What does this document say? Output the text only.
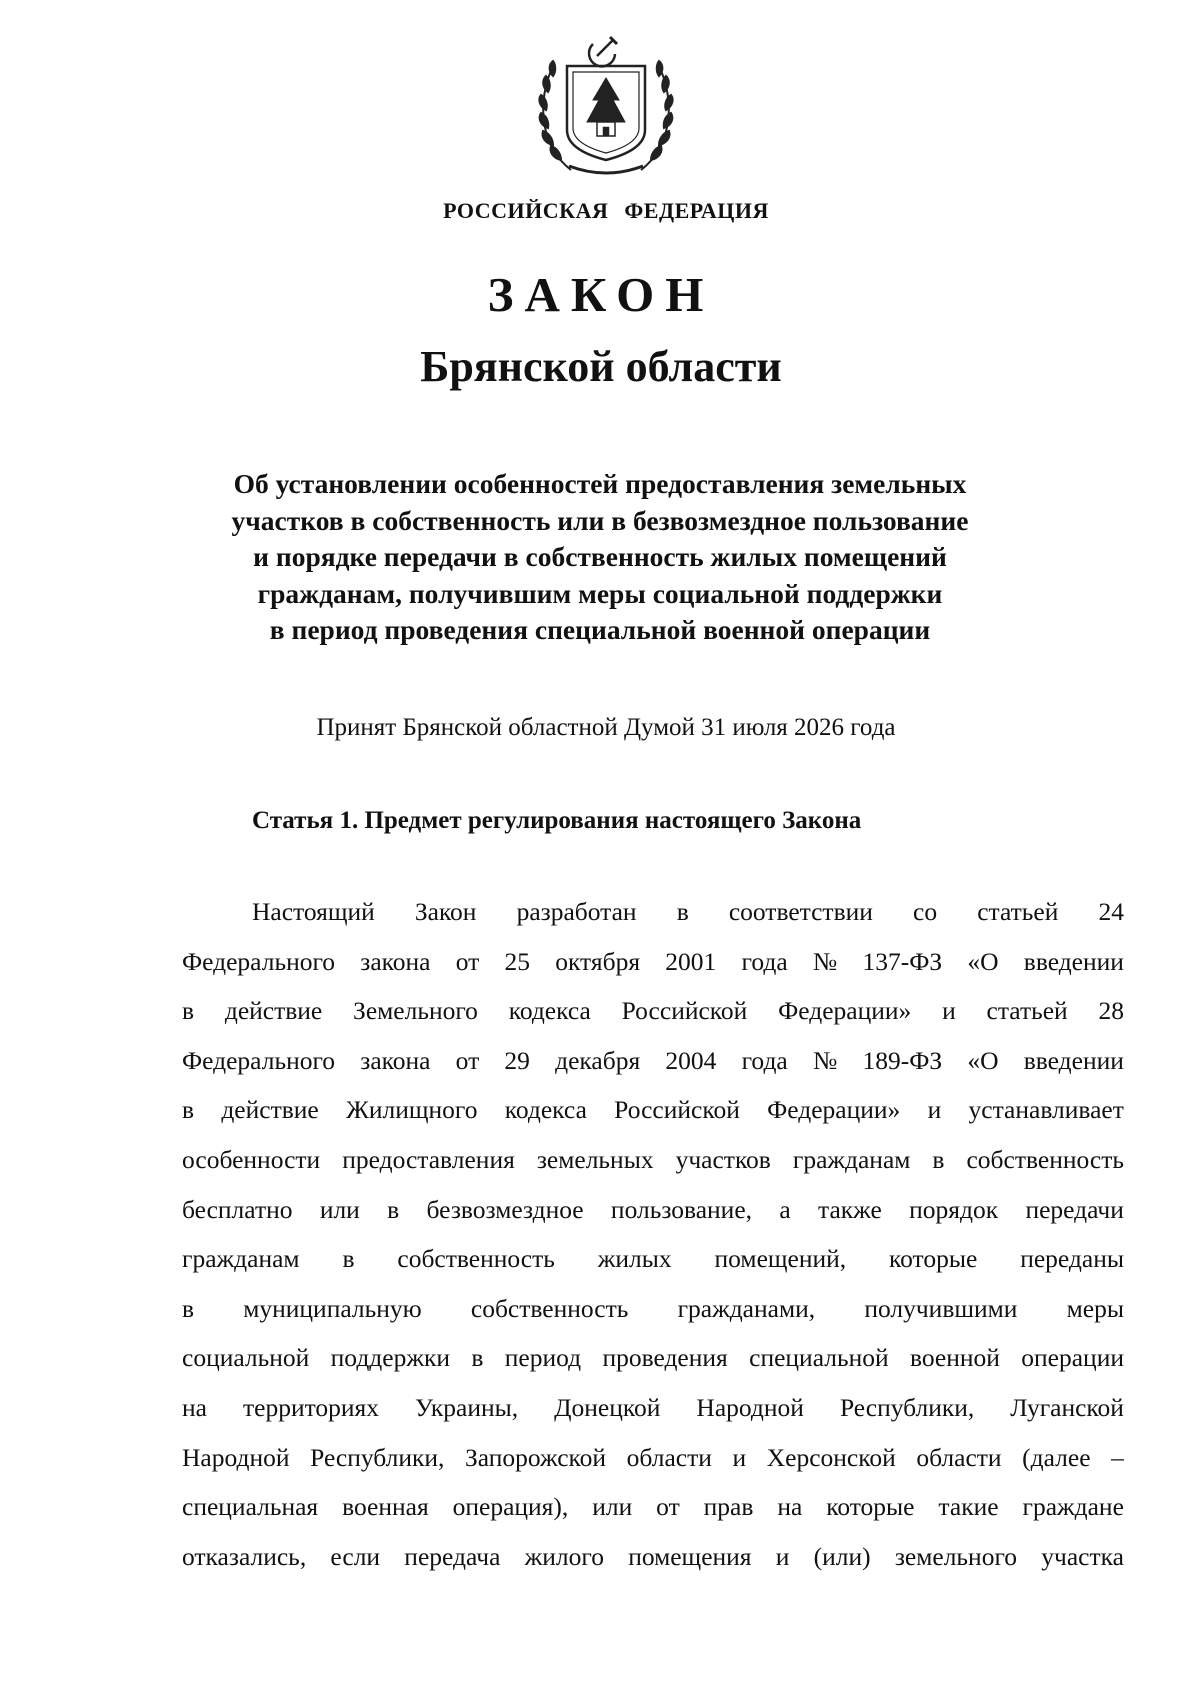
РОССИЙСКАЯ ФЕДЕРАЦИЯ
ЗАКОН
Брянской области
Об установлении особенностей предоставления земельных
участков в собственность или в безвозмездное пользование
и порядке передачи в собственность жилых помещений
гражданам, получившим меры социальной поддержки
в период проведения специальной военной операции
Принят Брянской областной Думой 31 июля 2026 года
Статья 1. Предмет регулирования настоящего Закона
Настоящий Закон разработан в соответствии со статьей 24
Федерального закона от 25 октября 2001 года № 137-ФЗ «О введении
в действие Земельного кодекса Российской Федерации» и статьей 28
Федерального закона от 29 декабря 2004 года № 189-ФЗ «О введении
в действие Жилищного кодекса Российской Федерации» и устанавливает
особенности предоставления земельных участков гражданам в собственность
бесплатно или в безвозмездное пользование, а также порядок передачи
гражданам в собственность жилых помещений, которые переданы
в муниципальную собственность гражданами, получившими меры
социальной поддержки в период проведения специальной военной операции
на территориях Украины, Донецкой Народной Республики, Луганской
Народной Республики, Запорожской области и Херсонской области (далее –
специальная военная операция), или от прав на которые такие граждане
отказались, если передача жилого помещения и (или) земельного участка
